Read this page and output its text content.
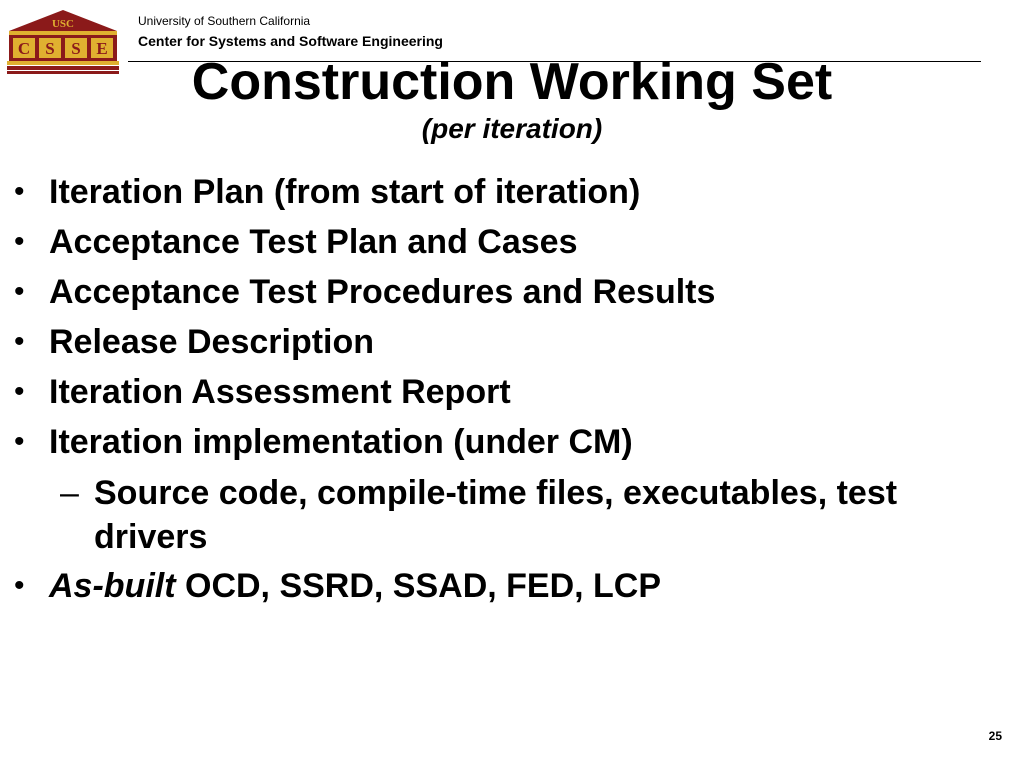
USC
C S S E
University of Southern California
Center for Systems and Software Engineering
Construction Working Set
(per iteration)
• Iteration Plan (from start of iteration)
• Acceptance Test Plan and Cases
• Acceptance Test Procedures and Results
• Release Description
• Iteration Assessment Report
• Iteration implementation (under CM)
– Source code, compile-time files, executables, test drivers
• As-built OCD, SSRD, SSAD, FED, LCP
25
